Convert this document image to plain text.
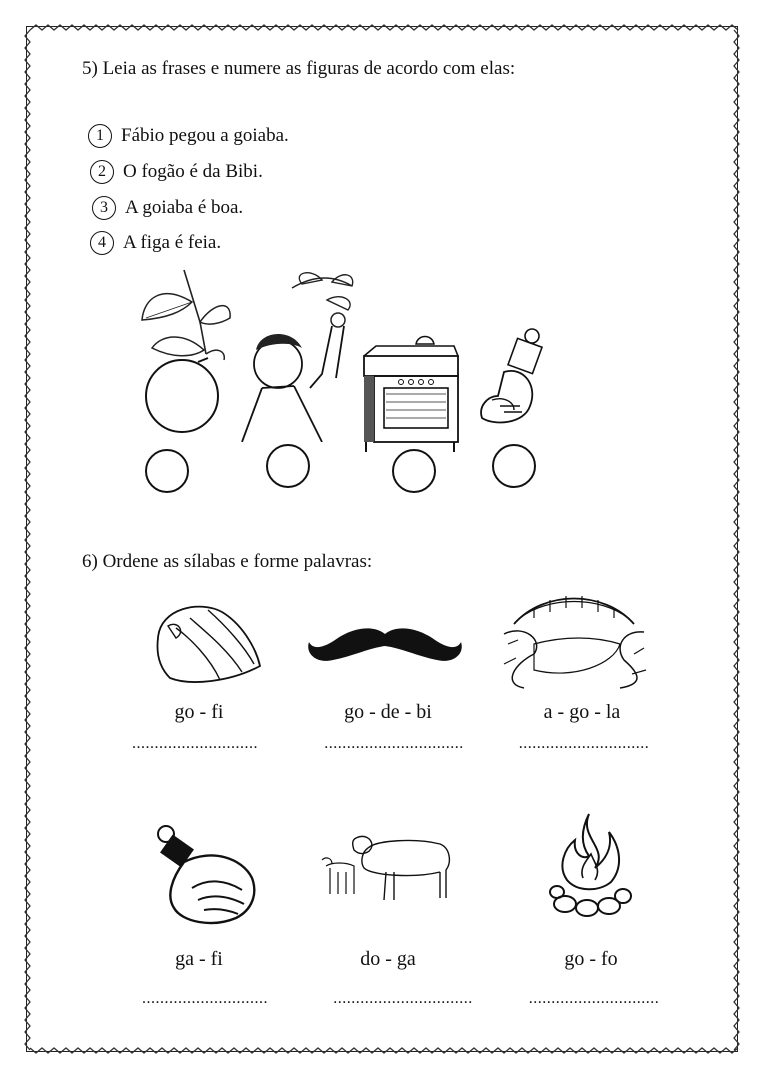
5) Leia as frases e numere as figuras de acordo com elas:
1 Fábio pegou a goiaba.
2 O fogão é da Bibi.
3 A goiaba é boa.
4 A figa é feia.
6) Ordene as sílabas e forme palavras:
go - fi	go - de - bi	a - go - la
............................	...............................	.............................
ga - fi	do - ga	go - fo
............................	...............................	.............................
